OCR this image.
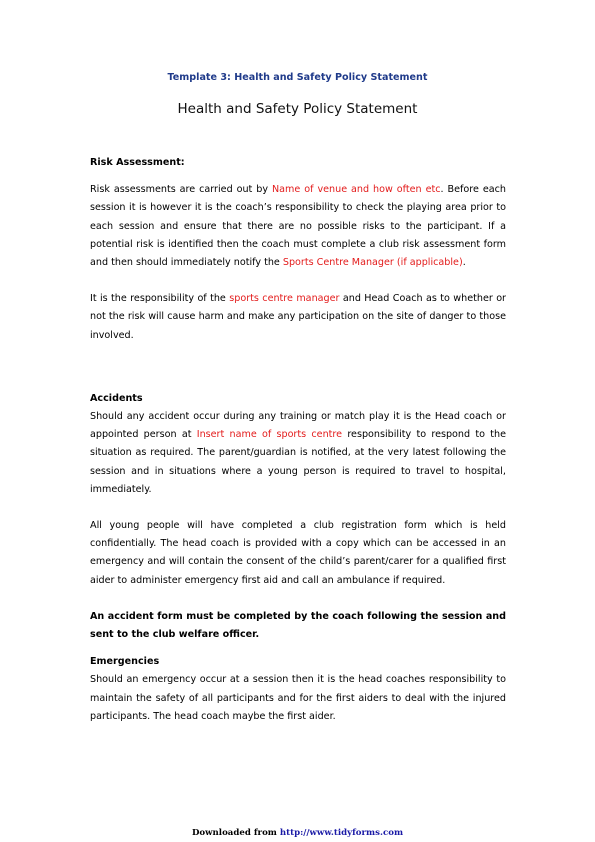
Template 3: Health and Safety Policy Statement
Health and Safety Policy Statement
Risk Assessment:

Risk assessments are carried out by Name of venue and how often etc. Before each session it is however it is the coach’s responsibility to check the playing area prior to each session and ensure that there are no possible risks to the participant. If a potential risk is identified then the coach must complete a club risk assessment form and then should immediately notify the Sports Centre Manager (if applicable).

It is the responsibility of the sports centre manager and Head Coach as to whether or not the risk will cause harm and make any participation on the site of danger to those involved.

Accidents

Should any accident occur during any training or match play it is the Head coach or appointed person at Insert name of sports centre responsibility to respond to the situation as required. The parent/guardian is notified, at the very latest following the session and in situations where a young person is required to travel to hospital, immediately.

All young people will have completed a club registration form which is held confidentially. The head coach is provided with a copy which can be accessed in an emergency and will contain the consent of the child’s parent/carer for a qualified first aider to administer emergency first aid and call an ambulance if required.

An accident form must be completed by the coach following the session and sent to the club welfare officer.

Emergencies

Should an emergency occur at a session then it is the head coaches responsibility to maintain the safety of all participants and for the first aiders to deal with the injured participants. The head coach maybe the first aider.

Downloaded from http://www.tidyforms.com
